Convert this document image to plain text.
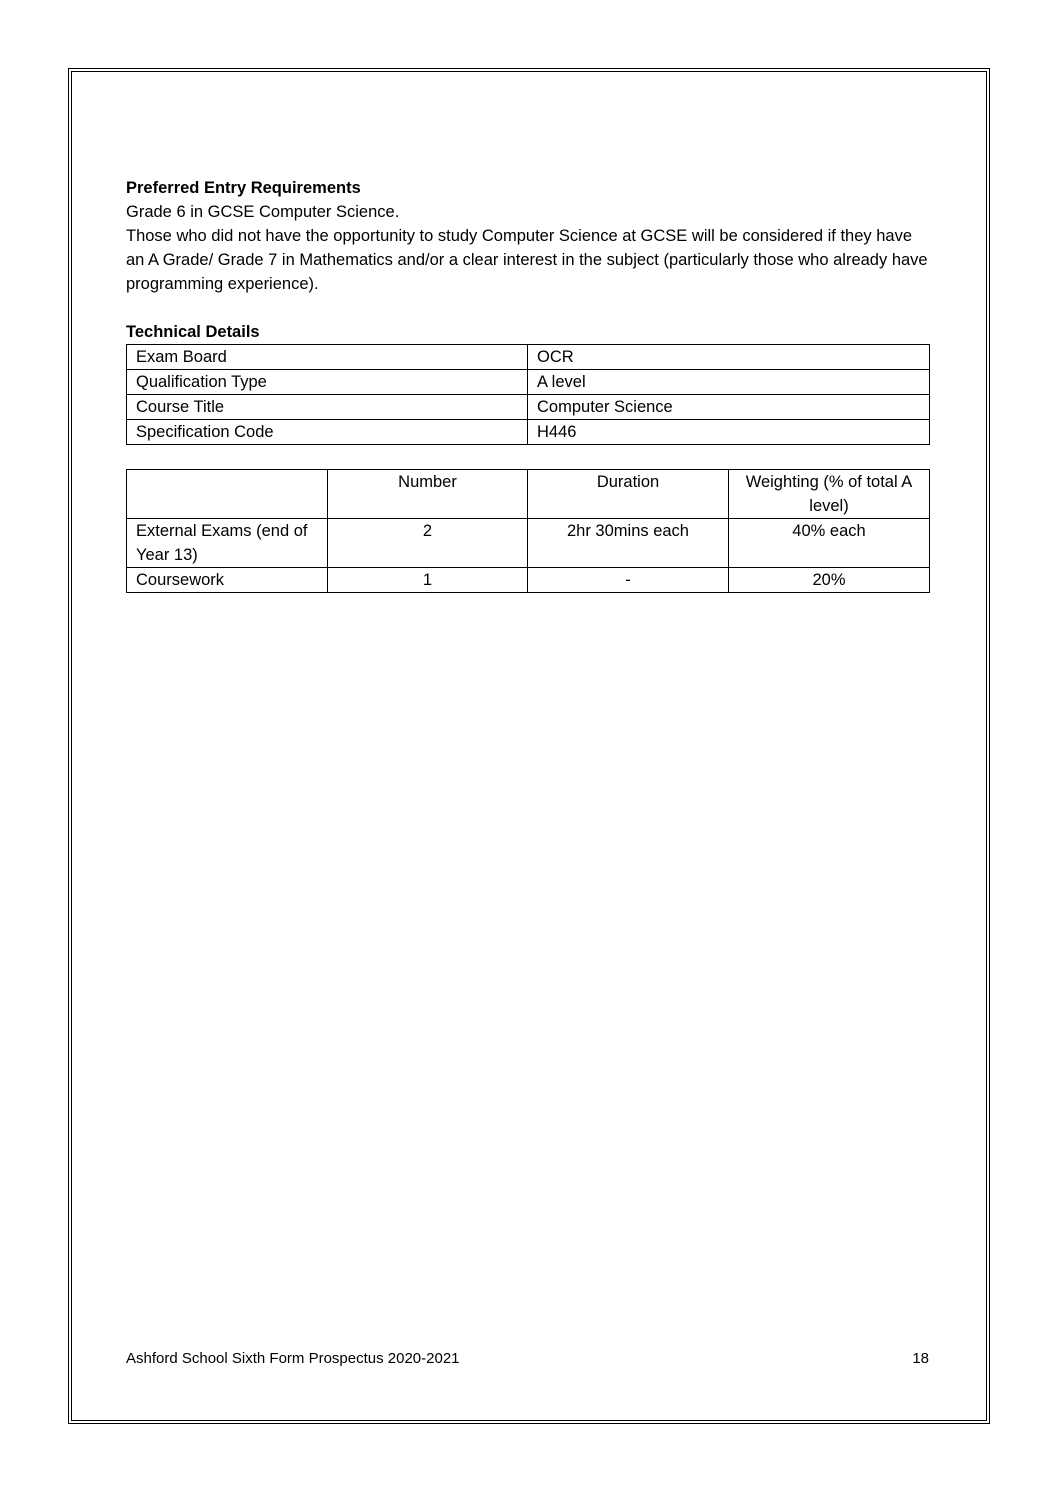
Preferred Entry Requirements

Grade 6 in GCSE Computer Science.

Those who did not have the opportunity to study Computer Science at GCSE will be considered if they have an A Grade/ Grade 7 in Mathematics and/or a clear interest in the subject (particularly those who already have programming experience).

Technical Details

Exam Board	OCR
Qualification Type	A level
Course Title	Computer Science
Specification Code	H446
	Number	Duration	Weighting (% of total A level)
External Exams (end of Year 13)	2	2hr 30mins each	40% each
Coursework	1	-	20%
Ashford School Sixth Form Prospectus 2020-2021	18
